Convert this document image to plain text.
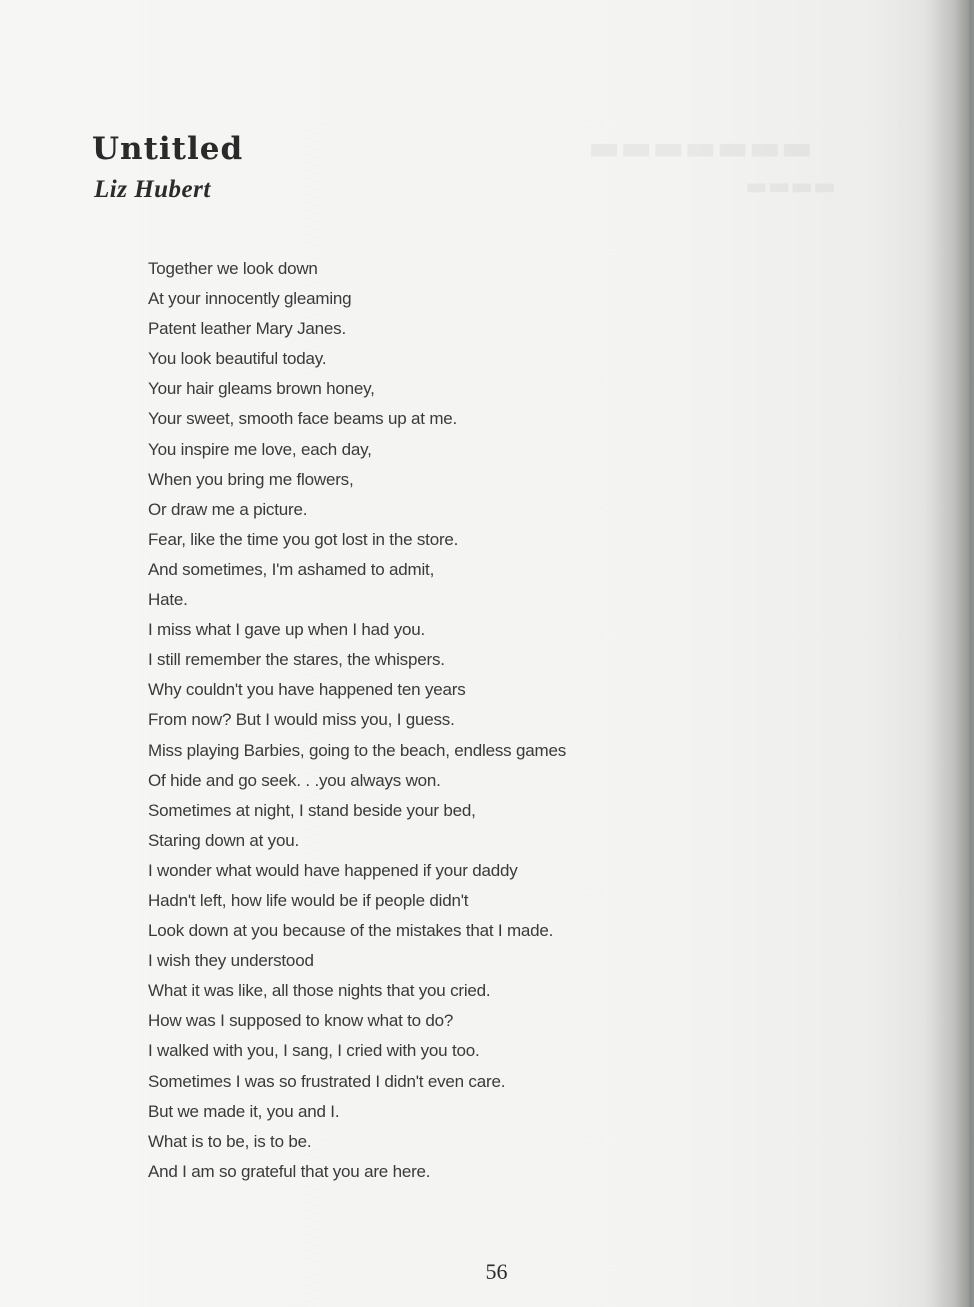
Untitled
Liz Hubert
Together we look down
At your innocently gleaming
Patent leather Mary Janes.
You look beautiful today.
Your hair gleams brown honey,
Your sweet, smooth face beams up at me.
You inspire me love, each day,
When you bring me flowers,
Or draw me a picture.
Fear, like the time you got lost in the store.
And sometimes, I'm ashamed to admit,
Hate.
I miss what I gave up when I had you.
I still remember the stares, the whispers.
Why couldn't you have happened ten years
From now? But I would miss you, I guess.
Miss playing Barbies, going to the beach, endless games
Of hide and go seek. . .you always won.
Sometimes at night, I stand beside your bed,
Staring down at you.
I wonder what would have happened if your daddy
Hadn't left, how life would be if people didn't
Look down at you because of the mistakes that I made.
I wish they understood
What it was like, all those nights that you cried.
How was I supposed to know what to do?
I walked with you, I sang, I cried with you too.
Sometimes I was so frustrated I didn't even care.
But we made it, you and I.
What is to be, is to be.
And I am so grateful that you are here.
56
